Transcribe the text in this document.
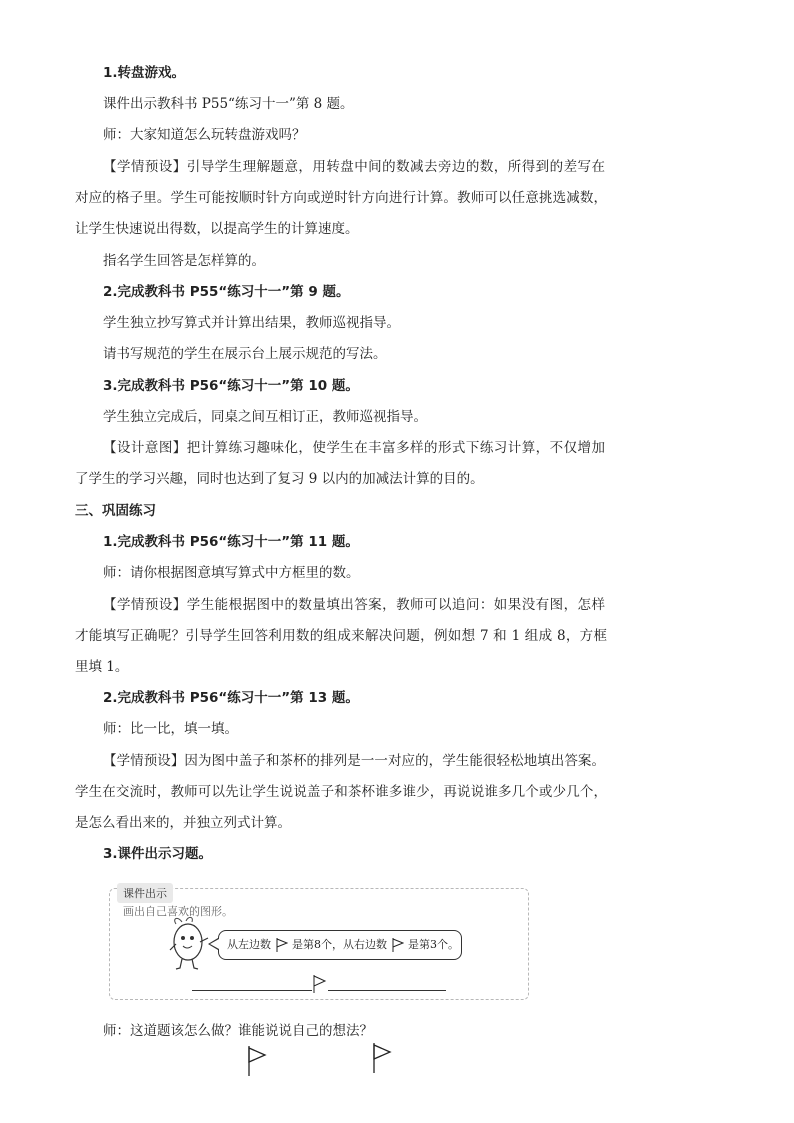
1.转盘游戏。
课件出示教科书 P55“练习十一”第 8 题。
师：大家知道怎么玩转盘游戏吗？
【学情预设】引导学生理解题意，用转盘中间的数减去旁边的数，所得到的差写在
对应的格子里。学生可能按顺时针方向或逆时针方向进行计算。教师可以任意挑选减数，
让学生快速说出得数，以提高学生的计算速度。
指名学生回答是怎样算的。
2.完成教科书 P55“练习十一”第 9 题。
学生独立抄写算式并计算出结果，教师巡视指导。
请书写规范的学生在展示台上展示规范的写法。
3.完成教科书 P56“练习十一”第 10 题。
学生独立完成后，同桌之间互相订正，教师巡视指导。
【设计意图】把计算练习趣味化，使学生在丰富多样的形式下练习计算，不仅增加
了学生的学习兴趣，同时也达到了复习 9 以内的加减法计算的目的。
三、巩固练习
1.完成教科书 P56“练习十一”第 11 题。
师：请你根据图意填写算式中方框里的数。
【学情预设】学生能根据图中的数量填出答案，教师可以追问：如果没有图，怎样
才能填写正确呢？引导学生回答利用数的组成来解决问题，例如想 7 和 1 组成 8，方框
里填 1。
2.完成教科书 P56“练习十一”第 13 题。
师：比一比，填一填。
【学情预设】因为图中盖子和茶杯的排列是一一对应的，学生能很轻松地填出答案。
学生在交流时，教师可以先让学生说说盖子和茶杯谁多谁少，再说说谁多几个或少几个，
是怎么看出来的，并独立列式计算。
3.课件出示习题。
课件出示
画出自己喜欢的图形。
从左边数 是第8个，从右边数 是第3个。
师：这道题该怎么做？谁能说说自己的想法？
